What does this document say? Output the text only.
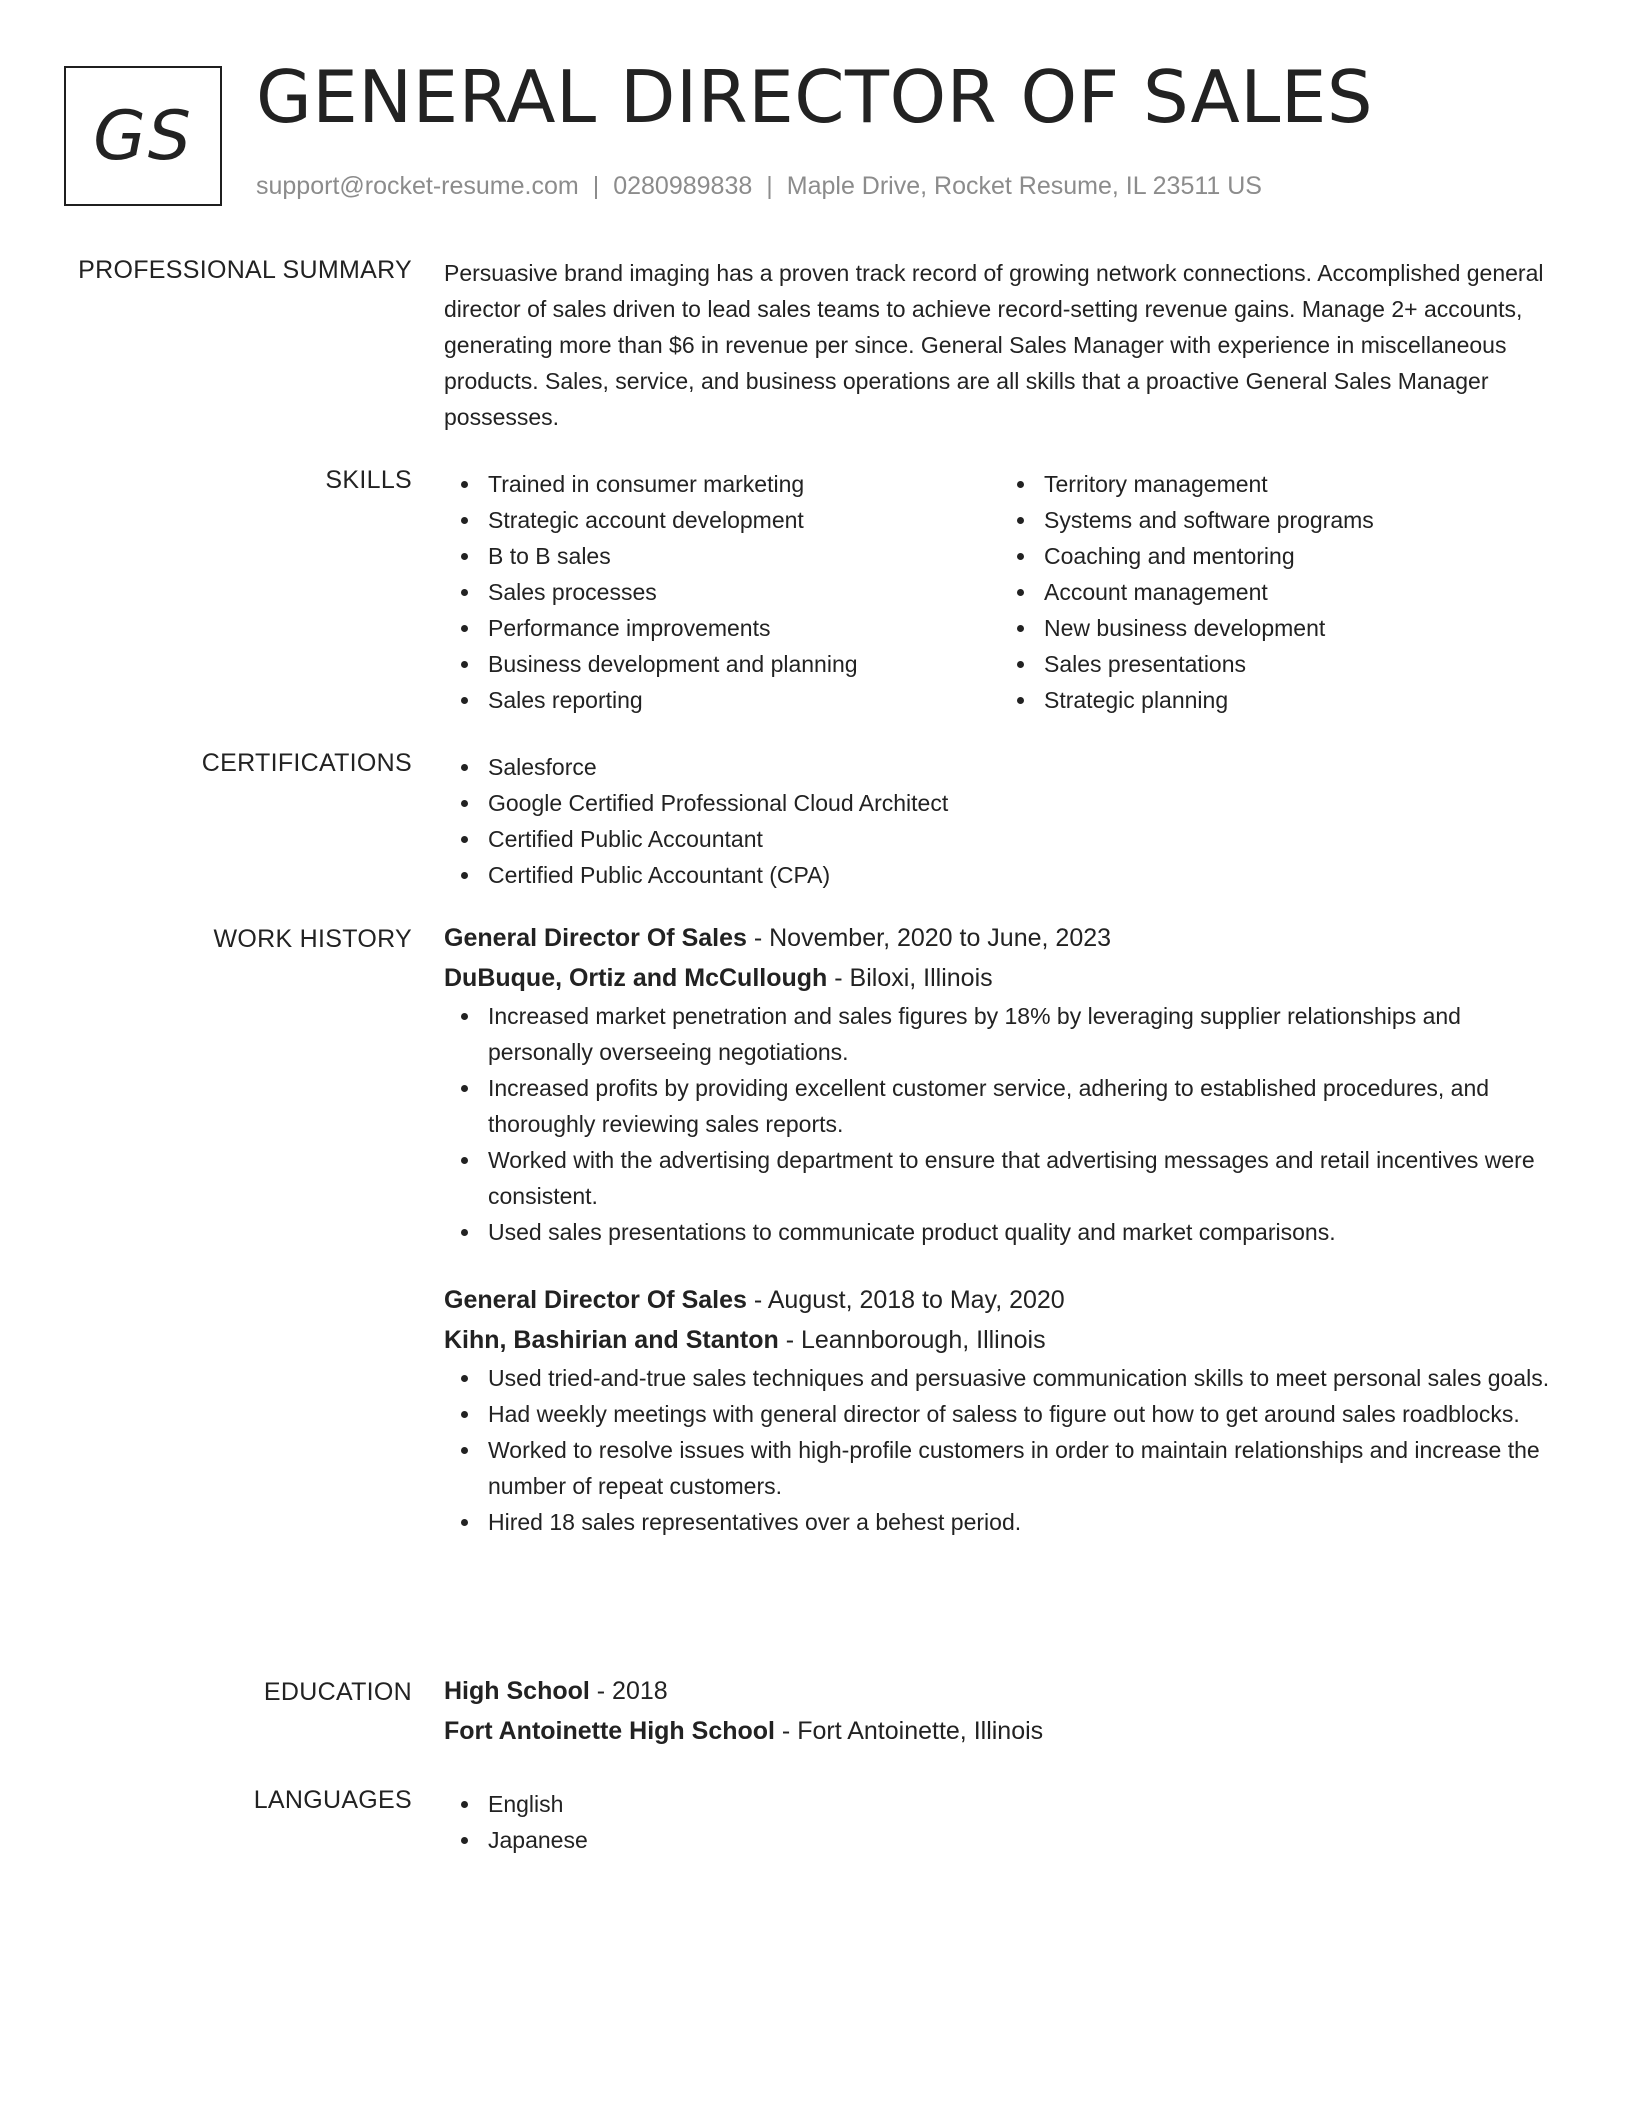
GS GENERAL DIRECTOR OF SALES
support@rocket-resume.com | 0280989838 | Maple Drive, Rocket Resume, IL 23511 US
PROFESSIONAL SUMMARY Persuasive brand imaging has a proven track record of growing network connections. Accomplished general director of sales driven to lead sales teams to achieve record-setting revenue gains. Manage 2+ accounts, generating more than $6 in revenue per since. General Sales Manager with experience in miscellaneous products. Sales, service, and business operations are all skills that a proactive General Sales Manager possesses.

SKILLS	Trained in consumer marketing
Strategic account development
B to B sales
Sales processes
Performance improvements
Business development and planning
Sales reporting
Territory management
Systems and software programs
Coaching and mentoring
Account management
New business development
Sales presentations
Strategic planning
CERTIFICATIONS	Salesforce
Google Certified Professional Cloud Architect
Certified Public Accountant
Certified Public Accountant (CPA)
WORK HISTORY General Director Of Sales - November, 2020 to June, 2023
DuBuque, Ortiz and McCullough - Biloxi, Illinois
Increased market penetration and sales figures by 18% by leveraging supplier relationships and personally overseeing negotiations.
Increased profits by providing excellent customer service, adhering to established procedures, and thoroughly reviewing sales reports.
Worked with the advertising department to ensure that advertising messages and retail incentives were consistent.
Used sales presentations to communicate product quality and market comparisons.
General Director Of Sales - August, 2018 to May, 2020
Kihn, Bashirian and Stanton - Leannborough, Illinois
Used tried-and-true sales techniques and persuasive communication skills to meet personal sales goals.
Had weekly meetings with general director of saless to figure out how to get around sales roadblocks.
Worked to resolve issues with high-profile customers in order to maintain relationships and increase the number of repeat customers.
Hired 18 sales representatives over a behest period.
EDUCATION High School - 2018
Fort Antoinette High School - Fort Antoinette, Illinois
LANGUAGES	English
Japanese
